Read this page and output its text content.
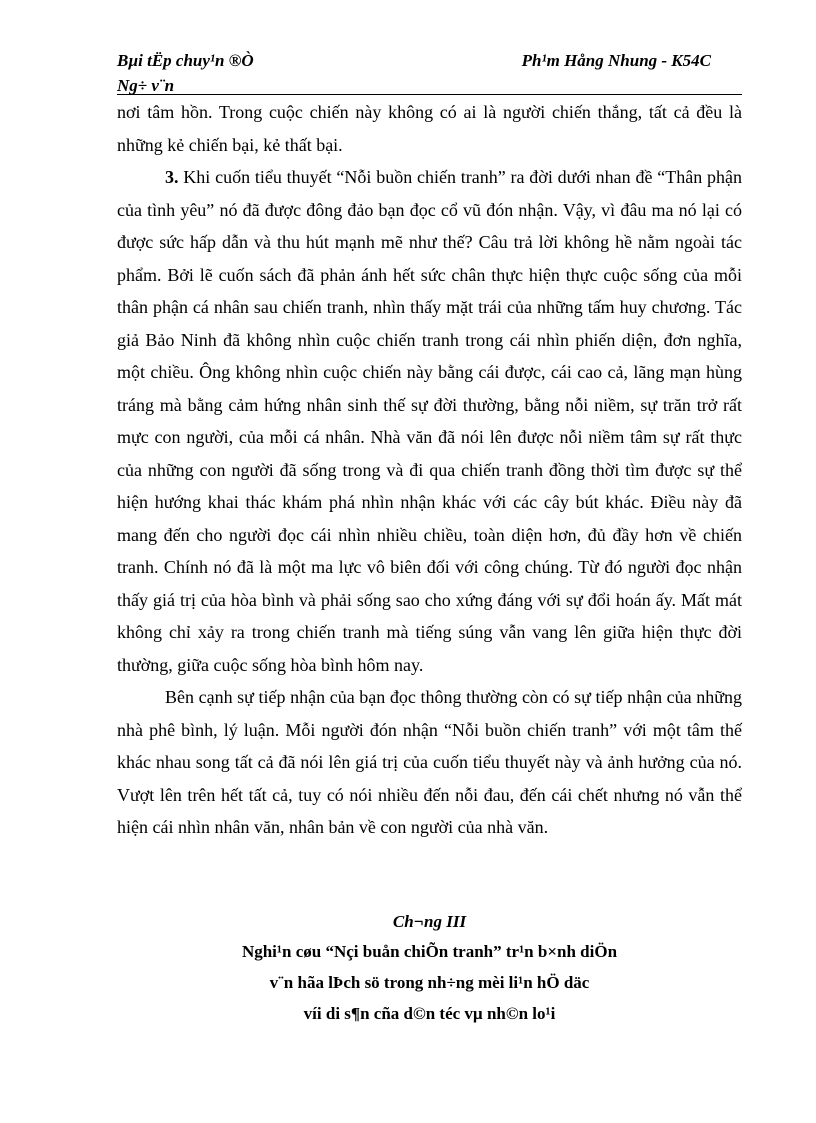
Bµi tËp chuy¹n ®Ò
Ng÷ v¨n
Ph¹m Hång Nhung - K54C

nơi tâm hồn. Trong cuộc chiến này không có ai là người chiến thắng, tất cả đều là những kẻ chiến bại, kẻ thất bại.

3. Khi cuốn tiểu thuyết “Nỗi buồn chiến tranh” ra đời dưới nhan đề “Thân phận của tình yêu” nó đã được đông đảo bạn đọc cổ vũ đón nhận. Vậy, vì đâu ma nó lại có được sức hấp dẫn và thu hút mạnh mẽ như thế? Câu trả lời không hề nằm ngoài tác phẩm. Bởi lẽ cuốn sách đã phản ánh hết sức chân thực hiện thực cuộc sống của mỗi thân phận cá nhân sau chiến tranh, nhìn thấy mặt trái của những tấm huy chương. Tác giả Bảo Ninh đã không nhìn cuộc chiến tranh trong cái nhìn phiến diện, đơn nghĩa, một chiều. Ông không nhìn cuộc chiến này bằng cái được, cái cao cả, lãng mạn hùng tráng mà bằng cảm hứng nhân sinh thế sự đời thường, bằng nỗi niềm, sự trăn trở rất mực con người, của mỗi cá nhân. Nhà văn đã nói lên được nỗi niềm tâm sự rất thực của những con người đã sống trong và đi qua chiến tranh đồng thời tìm được sự thể hiện hướng khai thác khám phá nhìn nhận khác với các cây bút khác. Điều này đã mang đến cho người đọc cái nhìn nhiều chiều, toàn diện hơn, đủ đầy hơn về chiến tranh. Chính nó đã là một ma lực vô biên đối với công chúng. Từ đó người đọc nhận thấy giá trị của hòa bình và phải sống sao cho xứng đáng với sự đổi hoán ấy. Mất mát không chỉ xảy ra trong chiến tranh mà tiếng súng vẫn vang lên giữa hiện thực đời thường, giữa cuộc sống hòa bình hôm nay.

Bên cạnh sự tiếp nhận của bạn đọc thông thường còn có sự tiếp nhận của những nhà phê bình, lý luận. Mỗi người đón nhận “Nỗi buồn chiến tranh” với một tâm thế khác nhau song tất cả đã nói lên giá trị của cuốn tiểu thuyết này và ảnh hưởng của nó. Vượt lên trên hết tất cả, tuy có nói nhiều đến nỗi đau, đến cái chết nhưng nó vẫn thể hiện cái nhìn nhân văn, nhân bản về con người của nhà văn.

Ch¬ng III
Nghi¹n cøu “Nçi buån chiÕn tranh” tr¹n b×nh diÖn
v¨n hãa lÞch sö trong nh÷ng mèi li¹n hÖ däc
víi di s¶n cña d©n téc vµ nh©n lo¹i
